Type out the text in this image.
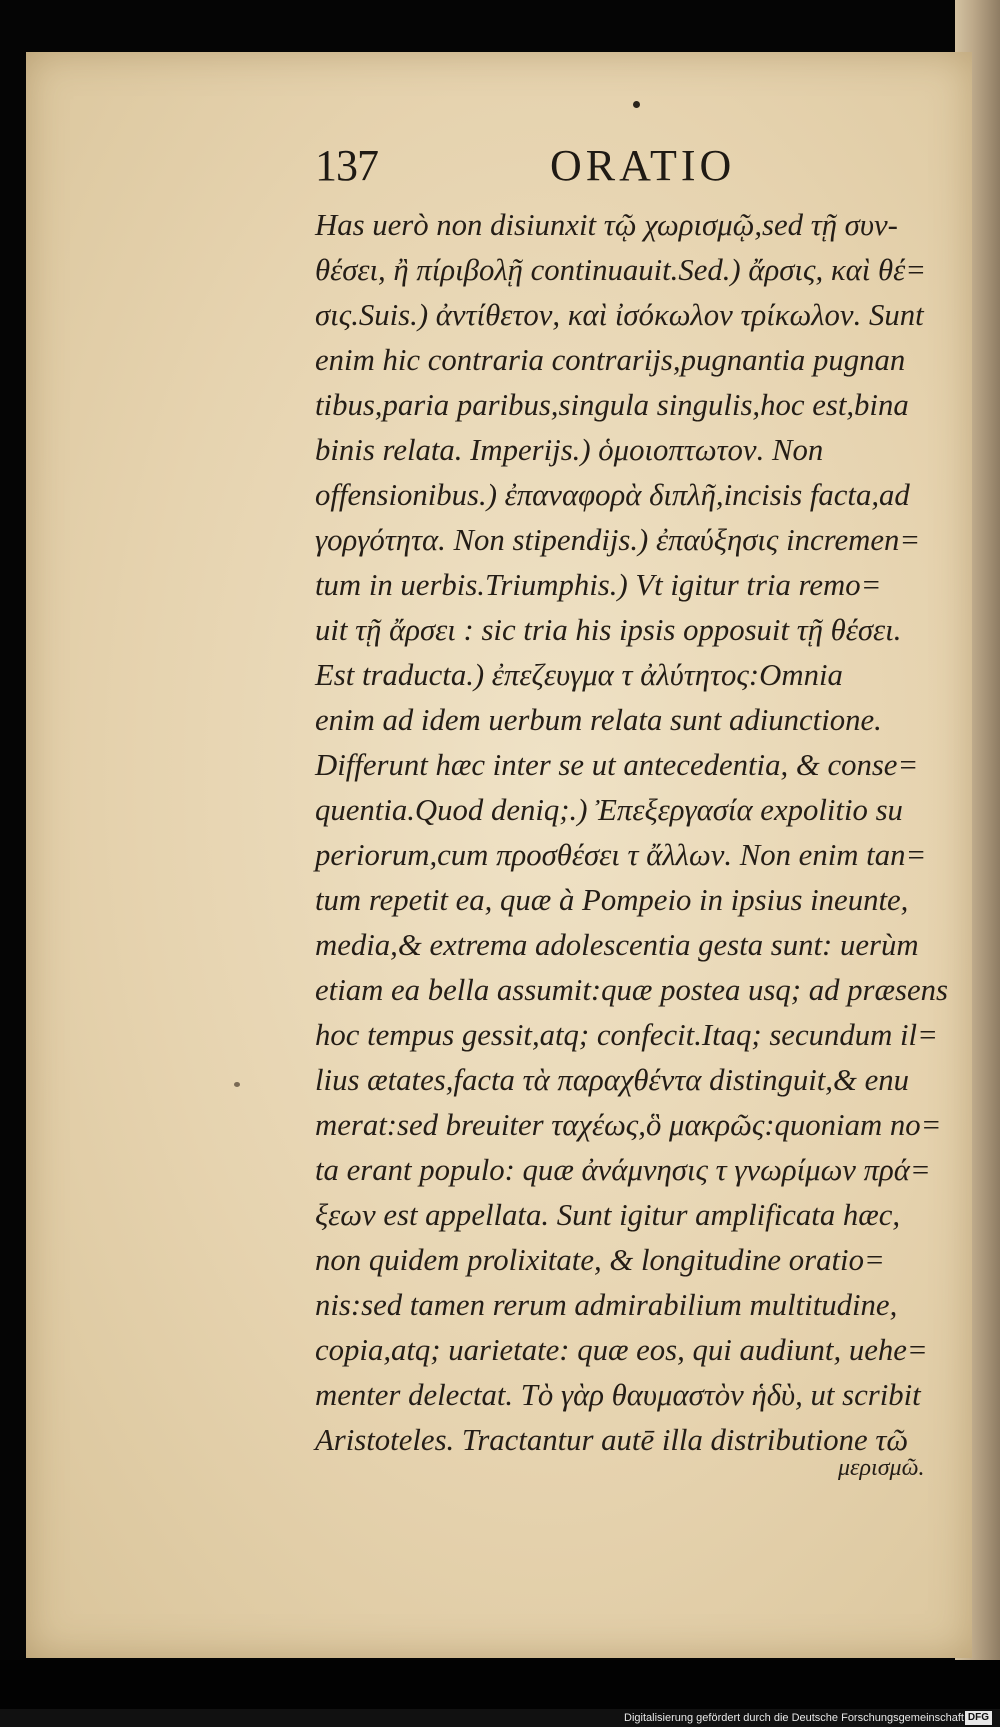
137	ORATIO
Has uerò non disiunxit τῷ χωρισμῷ,sed τῇ συν-
θέσει, ἢ πίριβολῇ continuauit.Sed.) ἄρσις, καὶ θέ=
σις.Suis.) ἀντίθετον, καὶ ἰσόκωλον τρίκωλον. Sunt
enim hic contraria contrarijs,pugnantia pugnan
tibus,paria paribus,singula singulis,hoc est,bina
binis relata. Imperijs.) ὁμοιοπτωτον. Non
offensionibus.) ἐπαναφορὰ διπλῆ,incisis facta,ad
γοργότητα. Non stipendijs.) ἐπαύξησις incremen=
tum in uerbis.Triumphis.) Vt igitur tria remo=
uit τῇ ἄρσει : sic tria his ipsis opposuit τῇ θέσει.
Est traducta.) ἐπεζευγμα τ ἀλύτητος:Omnia
enim ad idem uerbum relata sunt adiunctione.
Differunt hæc inter se ut antecedentia, & conse=
quentia.Quod deniq;.) Ἐπεξεργασία expolitio su
periorum,cum προσθέσει τ ἄλλων. Non enim tan=
tum repetit ea, quæ à Pompeio in ipsius ineunte,
media,& extrema adolescentia gesta sunt: uerùm
etiam ea bella assumit:quæ postea usq; ad præsens
hoc tempus gessit,atq; confecit.Itaq; secundum il=
lius ætates,facta τὰ παραχθέντα distinguit,& enu
merat:sed breuiter ταχέως,ὃ μακρῶς:quoniam no=
ta erant populo: quæ ἀνάμνησις τ γνωρίμων πρά=
ξεων est appellata. Sunt igitur amplificata hæc,
non quidem prolixitate, & longitudine oratio=
nis:sed tamen rerum admirabilium multitudine,
copia,atq; uarietate: quæ eos, qui audiunt, uehe=
menter delectat. Τὸ γὰρ θαυμαστὸν ἡδὺ, ut scribit
Aristoteles. Tractantur autē illa distributione τῶ
μερισμῶ.
Digitalisierung gefördert durch die Deutsche Forschungsgemeinschaft DFG
